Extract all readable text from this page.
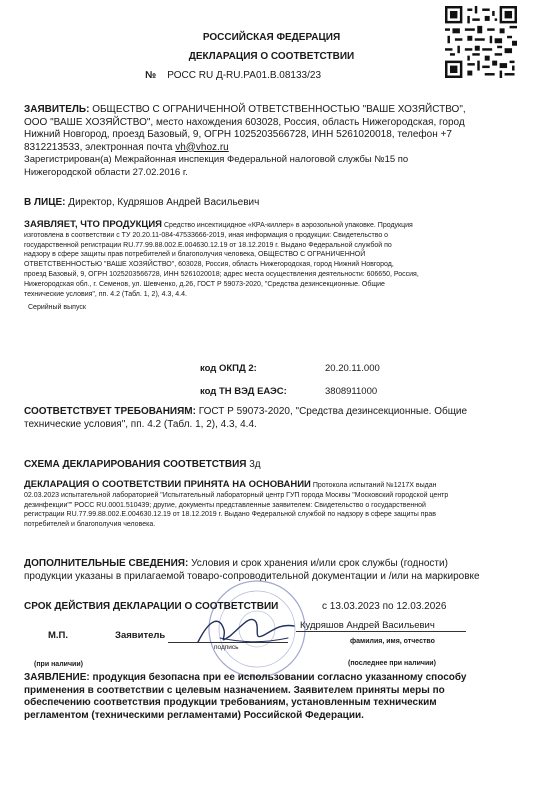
РОССИЙСКАЯ ФЕДЕРАЦИЯ
ДЕКЛАРАЦИЯ О СООТВЕТСТВИИ
№ РОСС RU Д-RU.РА01.В.08133/23
ЗАЯВИТЕЛЬ: ОБЩЕСТВО С ОГРАНИЧЕННОЙ ОТВЕТСТВЕННОСТЬЮ "ВАШЕ ХОЗЯЙСТВО",
ООО "ВАШЕ ХОЗЯЙСТВО", место нахождения 603028, Россия, область Нижегородская, город
Нижний Новгород, проезд Базовый, 9, ОГРН 1025203566728, ИНН 5261020018, телефон +7
8312213533, электронная почта vh@vhoz.ru
Зарегистрирован(а) Межрайонная инспекция Федеральной налоговой службы №15 по
Нижегородской области 27.02.2016 г.
В ЛИЦЕ: Директор, Кудряшов Андрей Васильевич
ЗАЯВЛЯЕТ, ЧТО ПРОДУКЦИЯ Средство инсектицидное «КРА-киллер» в аэрозольной упаковке. Продукция
изготовлена в соответствии с ТУ 20.20.11-084-47533666-2019, иная информация о продукции: Свидетельство о
государственной регистрации RU.77.99.88.002.Е.004630.12.19 от 18.12.2019 г. Выдано Федеральной службой по
надзору в сфере защиты прав потребителей и благополучия человека, ОБЩЕСТВО С ОГРАНИЧЕННОЙ
ОТВЕТСТВЕННОСТЬЮ "ВАШЕ ХОЗЯЙСТВО", 603028, Россия, область Нижегородская, город Нижний Новгород,
проезд Базовый, 9, ОГРН 1025203566728, ИНН 5261020018; адрес места осуществления деятельности: 606650, Россия,
Нижегородская обл., г. Семенов, ул. Шевченко, д.26, ГОСТ Р 59073-2020, "Средства дезинсекционные. Общие
технические условия", пп. 4.2 (Табл. 1, 2), 4.3, 4.4.
Серийный выпуск
код ОКПД 2:	20.20.11.000
код ТН ВЭД ЕАЭС:	3808911000
СООТВЕТСТВУЕТ ТРЕБОВАНИЯМ: ГОСТ Р 59073-2020, "Средства дезинсекционные. Общие
технические условия", пп. 4.2 (Табл. 1, 2), 4.3, 4.4.
СХЕМА ДЕКЛАРИРОВАНИЯ СООТВЕТСТВИЯ 3д
ДЕКЛАРАЦИЯ О СООТВЕТСТВИИ ПРИНЯТА НА ОСНОВАНИИ Протокола испытаний №1217Х выдан
02.03.2023 испытательной лабораторией "Испытательный лабораторный центр ГУП города Москвы "Московский городской центр
дезинфекции"" РОСС RU.0001.510439; другие, документы представленные заявителем: Свидетельство о государственной
регистрации RU.77.99.88.002.Е.004630.12.19 от 18.12.2019 г. Выдано Федеральной службой по надзору в сфере защиты прав
потребителей и благополучия человека.
ДОПОЛНИТЕЛЬНЫЕ СВЕДЕНИЯ: Условия и срок хранения и/или срок службы (годности)
продукции указаны в прилагаемой товаро-сопроводительной документации и /или на маркировке
СРОК ДЕЙСТВИЯ ДЕКЛАРАЦИИ О СООТВЕТСТВИИ	с 13.03.2023 по 12.03.2026
М.П.	Заявитель
подпись
Кудряшов Андрей Васильевич
фамилия, имя, отчество
(при наличии)	(последнее при наличии)
ЗАЯВЛЕНИЕ: продукция безопасна при ее использовании согласно указанному способу
применения в соответствии с целевым назначением. Заявителем приняты меры по
обеспечению соответствия продукции требованиям, установленным техническим
регламентом (техническими регламентами) Российской Федерации.
